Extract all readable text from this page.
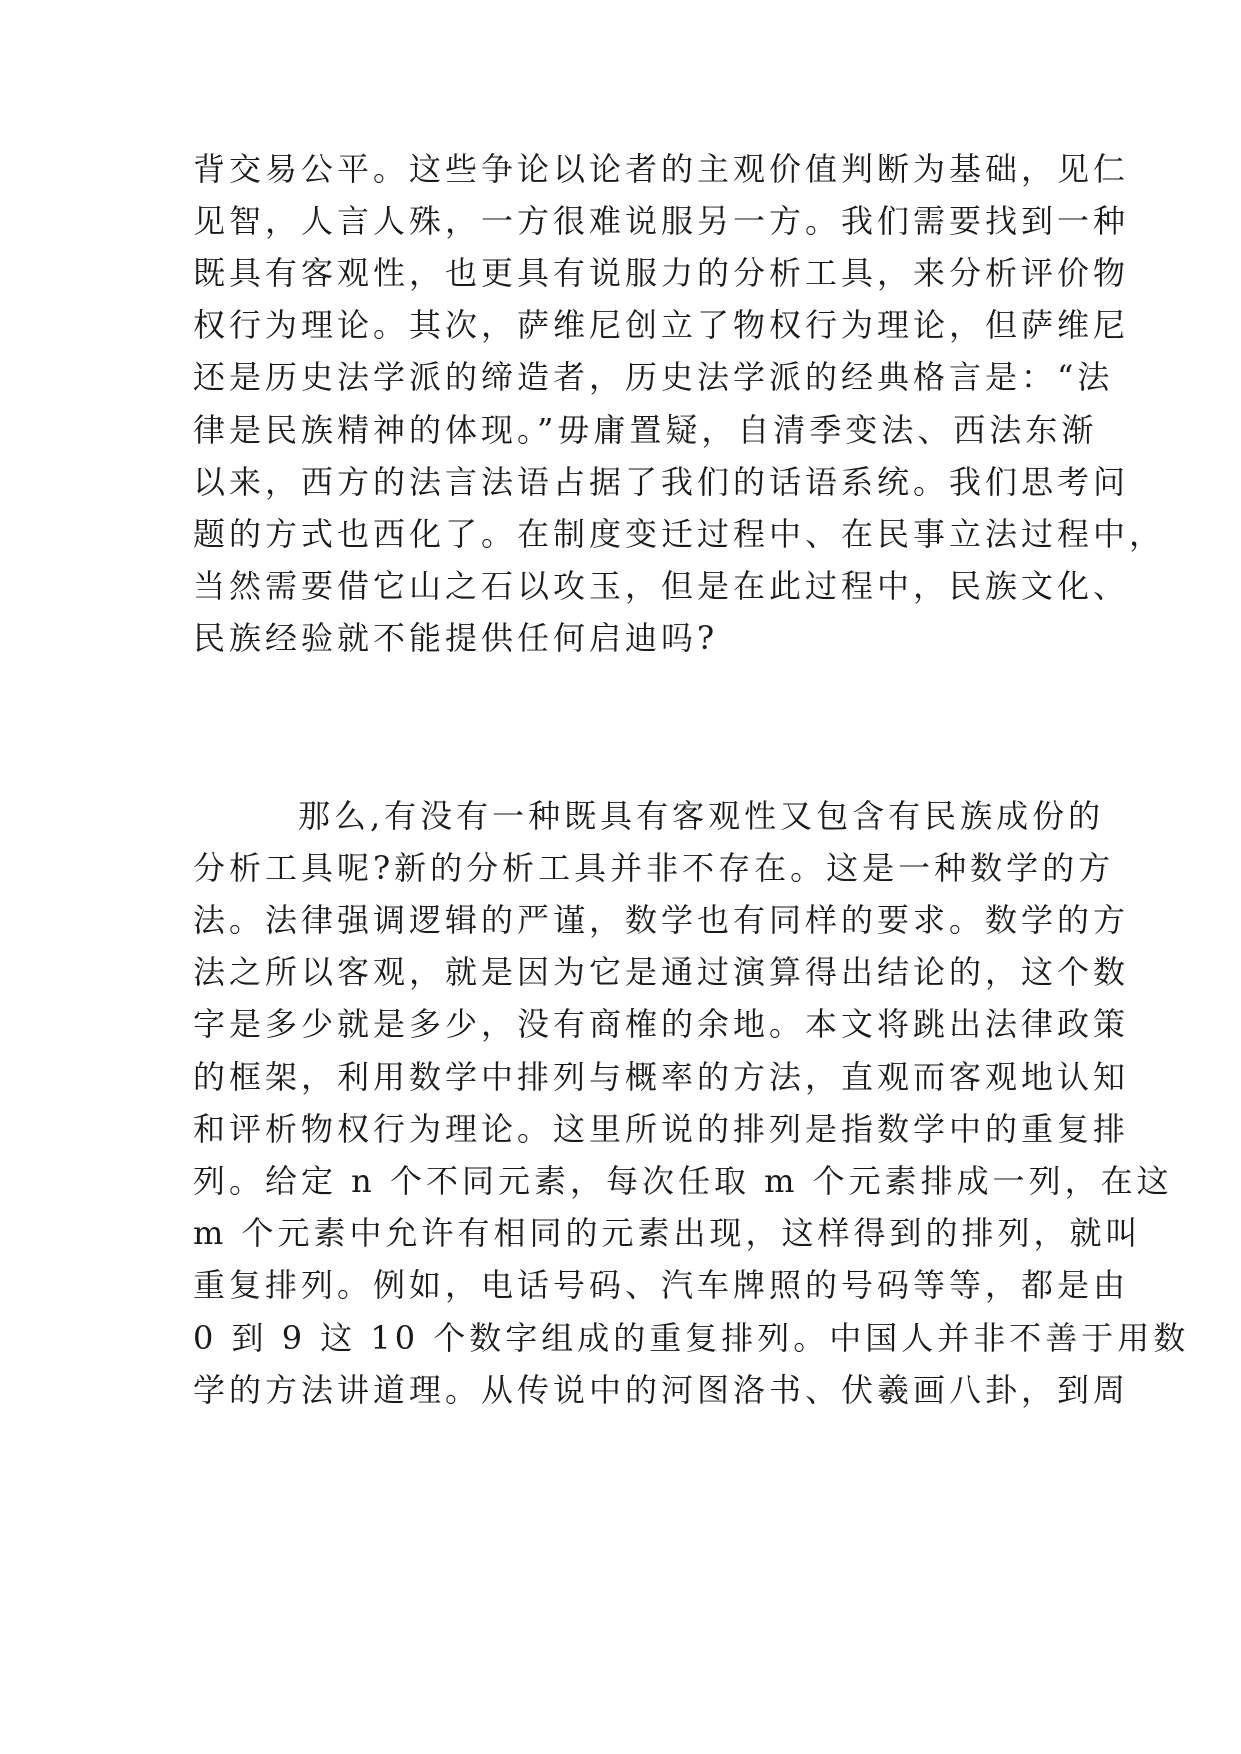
背交易公平。这些争论以论者的主观价值判断为基础，见仁
见智，人言人殊，一方很难说服另一方。我们需要找到一种
既具有客观性，也更具有说服力的分析工具，来分析评价物
权行为理论。其次，萨维尼创立了物权行为理论，但萨维尼
还是历史法学派的缔造者，历史法学派的经典格言是：“法
律是民族精神的体现。”毋庸置疑，自清季变法、西法东渐
以来，西方的法言法语占据了我们的话语系统。我们思考问
题的方式也西化了。在制度变迁过程中、在民事立法过程中，
当然需要借它山之石以攻玉，但是在此过程中，民族文化、
民族经验就不能提供任何启迪吗?
那么,有没有一种既具有客观性又包含有民族成份的
分析工具呢?新的分析工具并非不存在。这是一种数学的方
法。法律强调逻辑的严谨，数学也有同样的要求。数学的方
法之所以客观，就是因为它是通过演算得出结论的，这个数
字是多少就是多少，没有商榷的余地。本文将跳出法律政策
的框架，利用数学中排列与概率的方法，直观而客观地认知
和评析物权行为理论。这里所说的排列是指数学中的重复排
列。给定 n 个不同元素，每次任取 m 个元素排成一列，在这
m 个元素中允许有相同的元素出现，这样得到的排列，就叫
重复排列。例如，电话号码、汽车牌照的号码等等，都是由
0 到 9 这 10 个数字组成的重复排列。中国人并非不善于用数
学的方法讲道理。从传说中的河图洛书、伏羲画八卦，到周
